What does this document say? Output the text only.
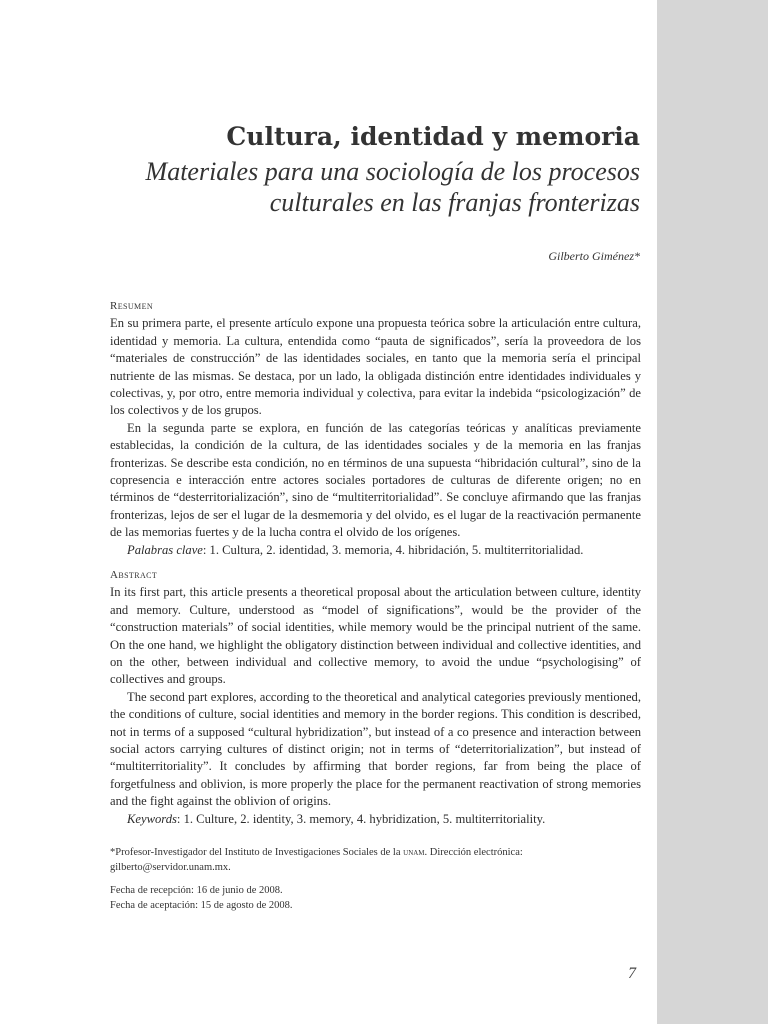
Cultura, identidad y memoria
Materiales para una sociología de los procesos
culturales en las franjas fronterizas
Gilberto Giménez*
Resumen

En su primera parte, el presente artículo expone una propuesta teórica sobre la articulación entre cultura, identidad y memoria. La cultura, entendida como “pauta de significados”, sería la proveedora de los “materiales de construcción” de las identidades sociales, en tanto que la memoria sería el principal nutriente de las mismas. Se destaca, por un lado, la obligada distinción entre identidades individuales y colectivas, y, por otro, entre memoria individual y colectiva, para evitar la indebida “psicologización” de los colectivos y de los grupos.

En la segunda parte se explora, en función de las categorías teóricas y analíticas previamente establecidas, la condición de la cultura, de las identidades sociales y de la memoria en las franjas fronterizas. Se describe esta condición, no en términos de una supuesta “hibridación cultural”, sino de la copresencia e interacción entre actores sociales portadores de culturas de diferente origen; no en términos de “desterritorialización”, sino de “multiterritorialidad”. Se concluye afirmando que las franjas fronterizas, lejos de ser el lugar de la desmemoria y del olvido, es el lugar de la reactivación permanente de las memorias fuertes y de la lucha contra el olvido de los orígenes.

Palabras clave: 1. Cultura, 2. identidad, 3. memoria, 4. hibridación, 5. multiterritorialidad.

Abstract

In its first part, this article presents a theoretical proposal about the articulation between culture, identity and memory. Culture, understood as “model of significations”, would be the provider of the “construction materials” of social identities, while memory would be the principal nutrient of the same. On the one hand, we highlight the obligatory distinction between individual and collective identities, and on the other, between individual and collective memory, to avoid the undue “psychologising” of collectives and groups.

The second part explores, according to the theoretical and analytical categories previously mentioned, the conditions of culture, social identities and memory in the border regions. This condition is described, not in terms of a supposed “cultural hybridization”, but instead of a co presence and interaction between social actors carrying cultures of distinct origin; not in terms of “deterritorialization”, but instead of “multiterritoriality”. It concludes by affirming that border regions, far from being the place of forgetfulness and oblivion, is more properly the place for the permanent reactivation of strong memories and the fight against the oblivion of origins.

Keywords: 1. Culture, 2. identity, 3. memory, 4. hybridization, 5. multiterritoriality.

*Profesor-Investigador del Instituto de Investigaciones Sociales de la unam. Dirección electrónica:

gilberto@servidor.unam.mx.

Fecha de recepción: 16 de junio de 2008.

Fecha de aceptación: 15 de agosto de 2008.

7
